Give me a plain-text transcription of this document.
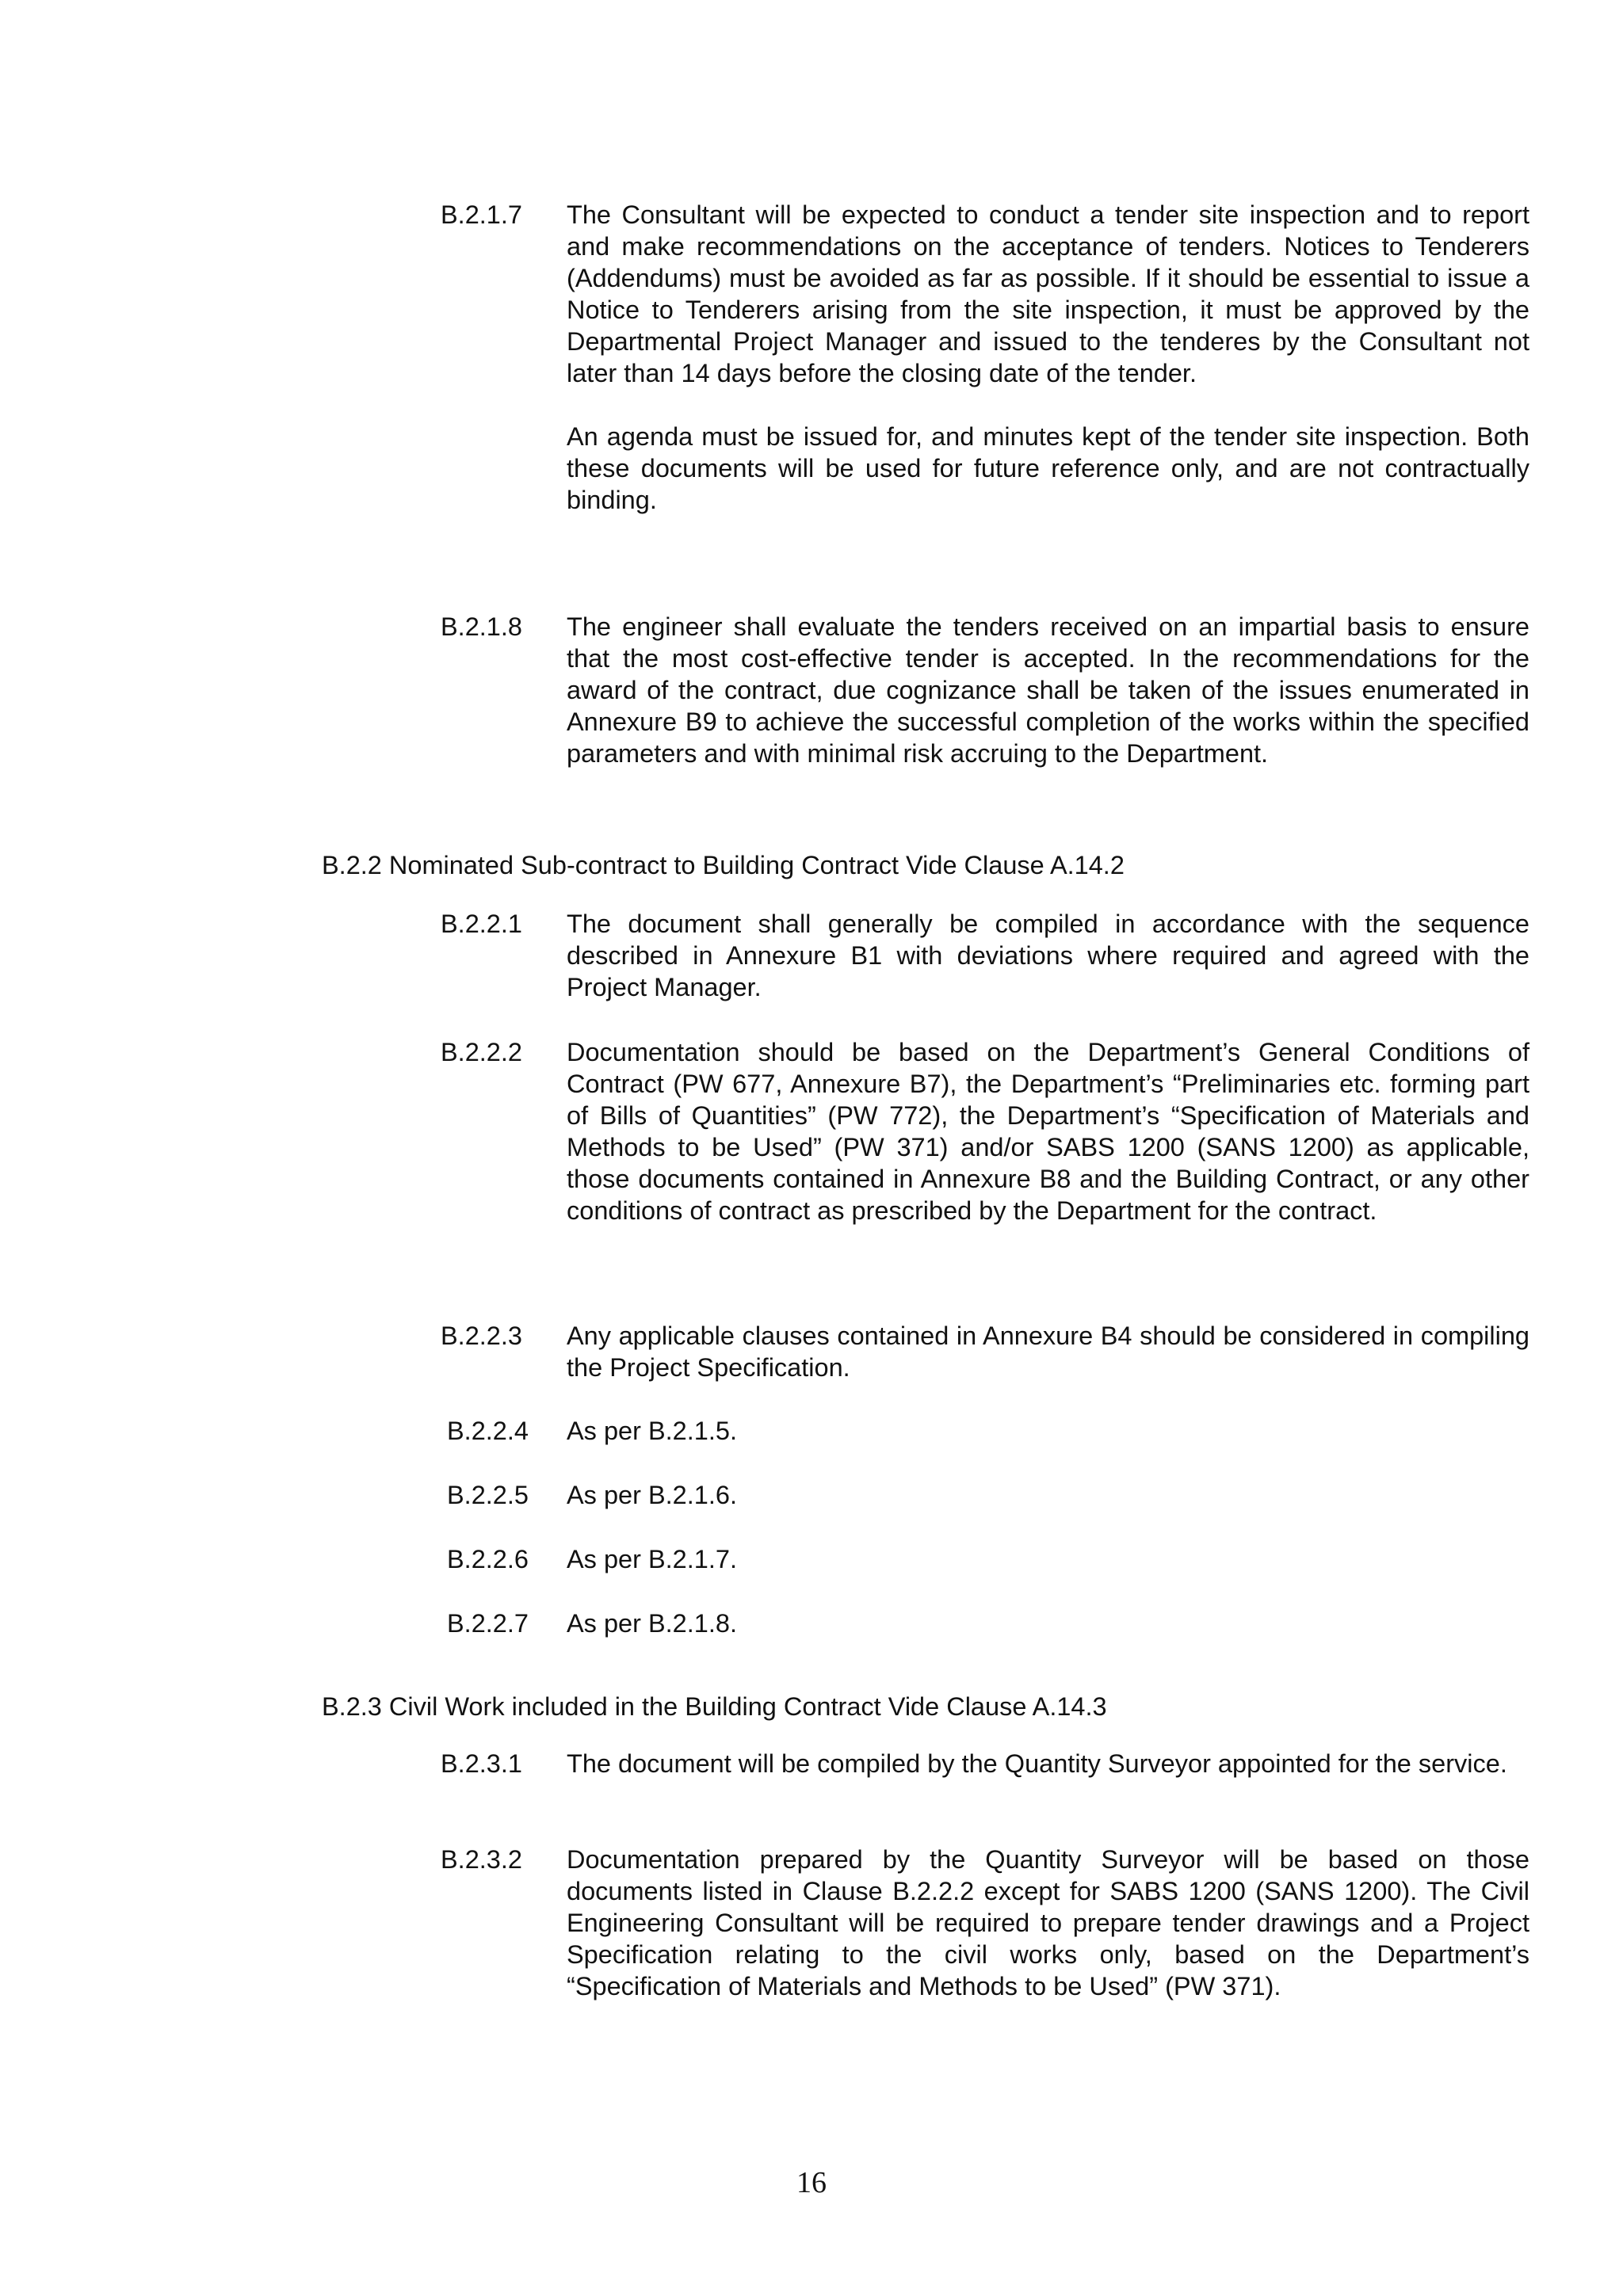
B.2.1.7	The Consultant will be expected to conduct a tender site inspection and to report and make recommendations on the acceptance of tenders. Notices to Tenderers (Addendums) must be avoided as far as possible. If it should be essential to issue a Notice to Tenderers arising from the site inspection, it must be approved by the Departmental Project Manager and issued to the tenderes by the Consultant not later than 14 days before the closing date of the tender.

An agenda must be issued for, and minutes kept of the tender site inspection. Both these documents will be used for future reference only, and are not contractually binding.

B.2.1.8	The engineer shall evaluate the tenders received on an impartial basis to ensure that the most cost-effective tender is accepted. In the recommendations for the award of the contract, due cognizance shall be taken of the issues enumerated in Annexure B9 to achieve the successful completion of the works within the specified parameters and with minimal risk accruing to the Department.

B.2.2 Nominated Sub-contract to Building Contract Vide Clause A.14.2
B.2.2.1	The document shall generally be compiled in accordance with the sequence described in Annexure B1 with deviations where required and agreed with the Project Manager.

B.2.2.2	Documentation should be based on the Department’s General Conditions of Contract (PW 677, Annexure B7), the Department’s “Preliminaries etc. forming part of Bills of Quantities” (PW 772), the Department’s “Specification of Materials and Methods to be Used” (PW 371) and/or SABS 1200 (SANS 1200) as applicable, those documents contained in Annexure B8 and the Building Contract, or any other conditions of contract as prescribed by the Department for the contract.

B.2.2.3	Any applicable clauses contained in Annexure B4 should be considered in compiling the Project Specification.

B.2.2.4	As per B.2.1.5.

B.2.2.5	As per B.2.1.6.

B.2.2.6	As per B.2.1.7.

B.2.2.7	As per B.2.1.8.

B.2.3 Civil Work included in the Building Contract Vide Clause A.14.3
B.2.3.1	The document will be compiled by the Quantity Surveyor appointed for the service.

B.2.3.2	Documentation prepared by the Quantity Surveyor will be based on those documents listed in Clause B.2.2.2 except for SABS 1200 (SANS 1200). The Civil Engineering Consultant will be required to prepare tender drawings and a Project Specification relating to the civil works only, based on the Department’s “Specification of Materials and Methods to be Used” (PW 371).

16
